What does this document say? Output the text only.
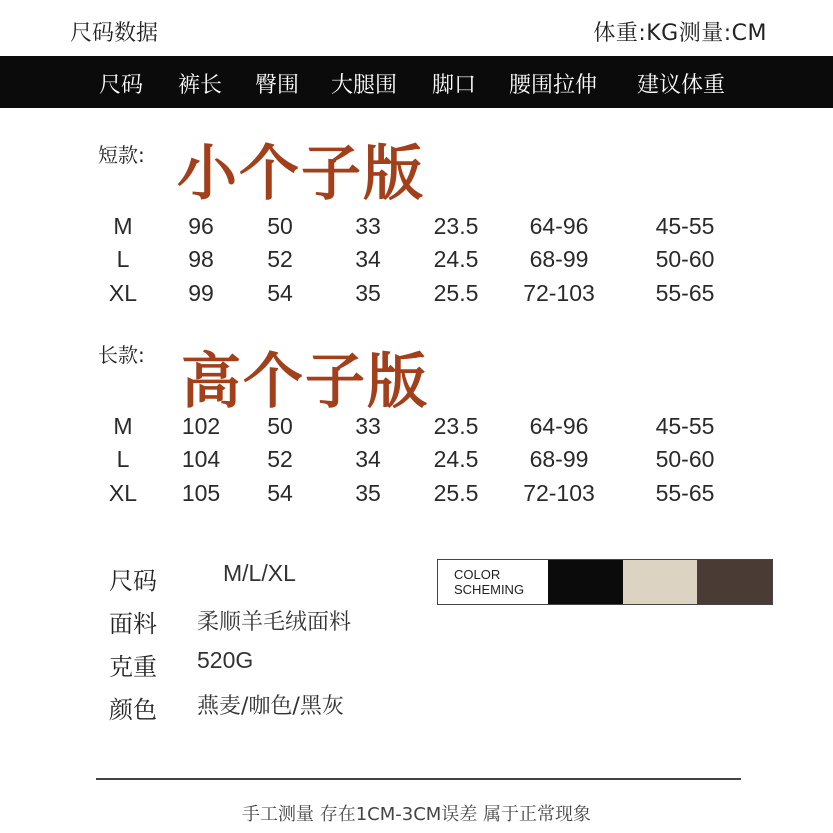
尺码数据	体重:KG测量:CM
尺码 裤长 臀围 大腿围 脚口 腰围拉伸 建议体重
短款: 小个子版
M 96 50	33 23.5 64-96	45-55
L	98 52	34 24.5 68-99	50-60
XL 99 54	35 25.5 72-103	55-65
长款: 高个子版
M 102 50	33 23.5 64-96	45-55
L 104 52	34 24.5 68-99	50-60
XL 105 54	35 25.5 72-103	55-65
尺码	M/L/XL
面料 柔顺羊毛绒面料
克重 520G
颜色 燕麦/咖色/黑灰
COLOR
SCHEMING
手工测量 存在1CM-3CM误差 属于正常现象
